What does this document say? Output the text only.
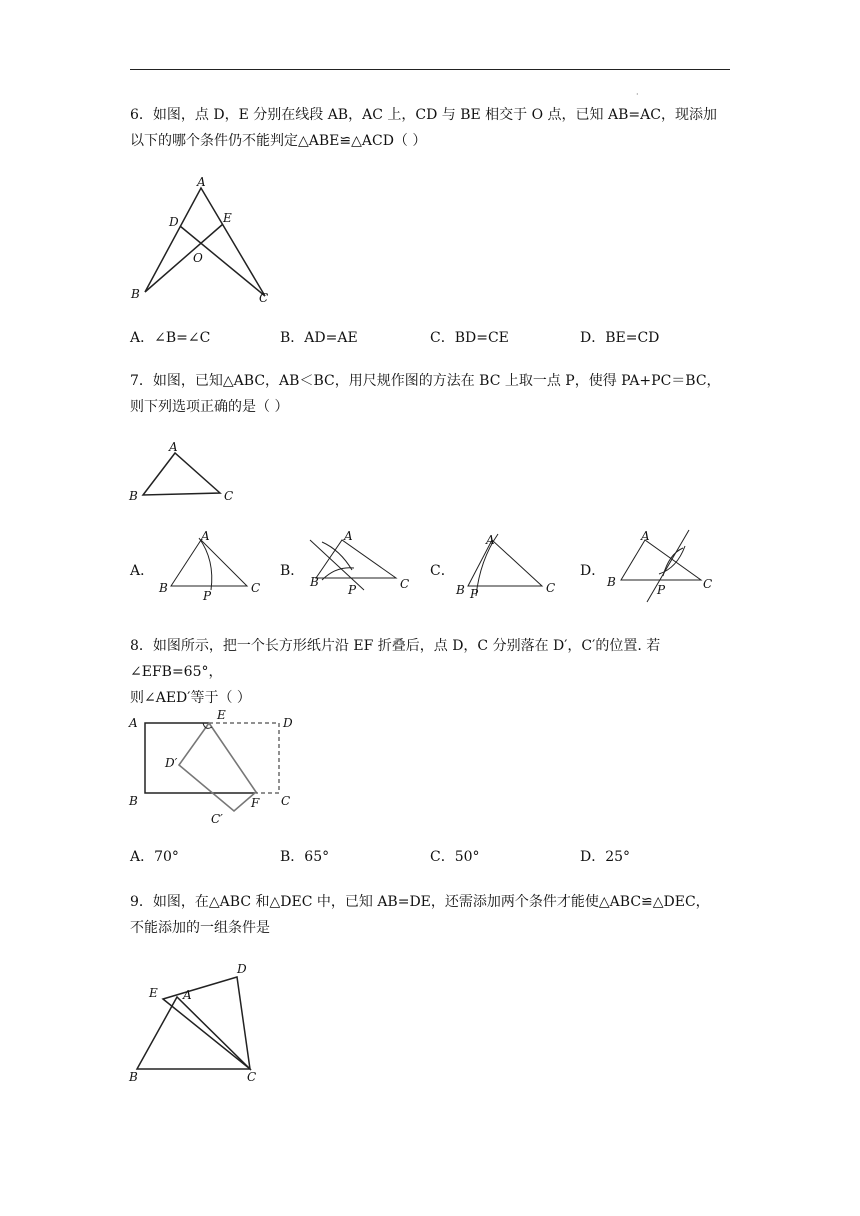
·
6．如图，点 D，E 分别在线段 AB，AC 上，CD 与 BE 相交于 O 点，已知 AB=AC，现添加
以下的哪个条件仍不能判定△ABE≌△ACD（ ）
A
D	E
O
B	C
A．∠B=∠C	B．AD=AE	C．BD=CE	D．BE=CD
7．如图，已知△ABC，AB＜BC，用尺规作图的方法在 BC 上取一点 P，使得 PA+PC＝BC，
则下列选项正确的是（ ）
A
B	C
A．
A
B	C
P
B．
A
B	C
P
C．
A
B P	C
D．
A
B
P	C
8．如图所示，把一个长方形纸片沿 EF 折叠后，点 D，C 分别落在 D′，C′的位置. 若∠EFB=65°，
则∠AED′等于（ ）
A
E
D
D′
B	F C
C′
A．70°	B．65°	C．50°	D．25°
9．如图，在△ABC 和△DEC 中，已知 AB=DE，还需添加两个条件才能使△ABC≌△DEC，
不能添加的一组条件是
D
E A
B	C
